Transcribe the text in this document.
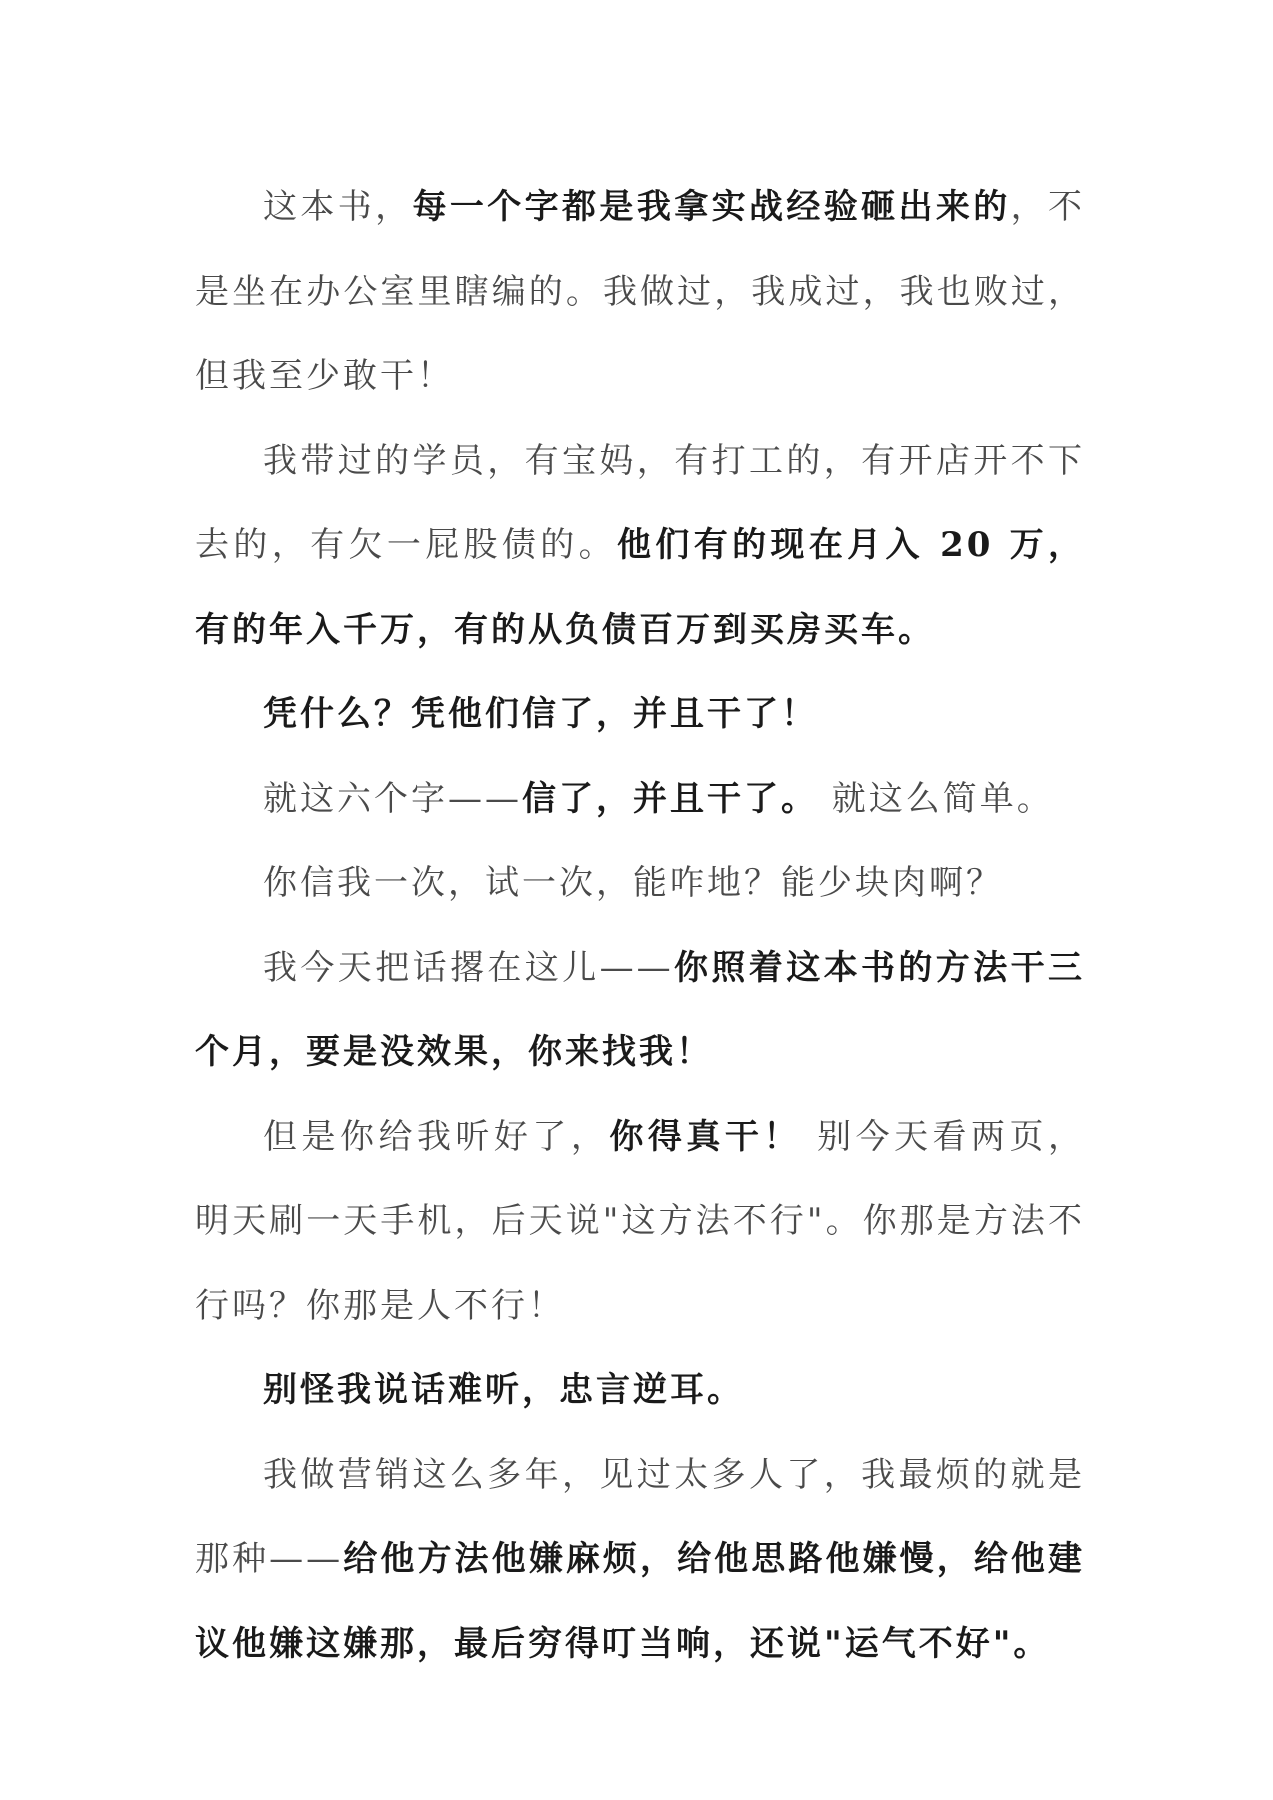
这本书，每一个字都是我拿实战经验砸出来的，不是坐在办公室里瞎编的。我做过，我成过，我也败过，但我至少敢干！

我带过的学员，有宝妈，有打工的，有开店开不下去的，有欠一屁股债的。他们有的现在月入 20 万，有的年入千万，有的从负债百万到买房买车。

凭什么？凭他们信了，并且干了！

就这六个字——信了，并且干了。 就这么简单。

你信我一次，试一次，能咋地？能少块肉啊？

我今天把话撂在这儿——你照着这本书的方法干三个月，要是没效果，你来找我！

但是你给我听好了，你得真干！ 别今天看两页，明天刷一天手机，后天说"这方法不行"。你那是方法不行吗？你那是人不行！

别怪我说话难听，忠言逆耳。

我做营销这么多年，见过太多人了，我最烦的就是那种——给他方法他嫌麻烦，给他思路他嫌慢，给他建议他嫌这嫌那，最后穷得叮当响，还说"运气不好"。
